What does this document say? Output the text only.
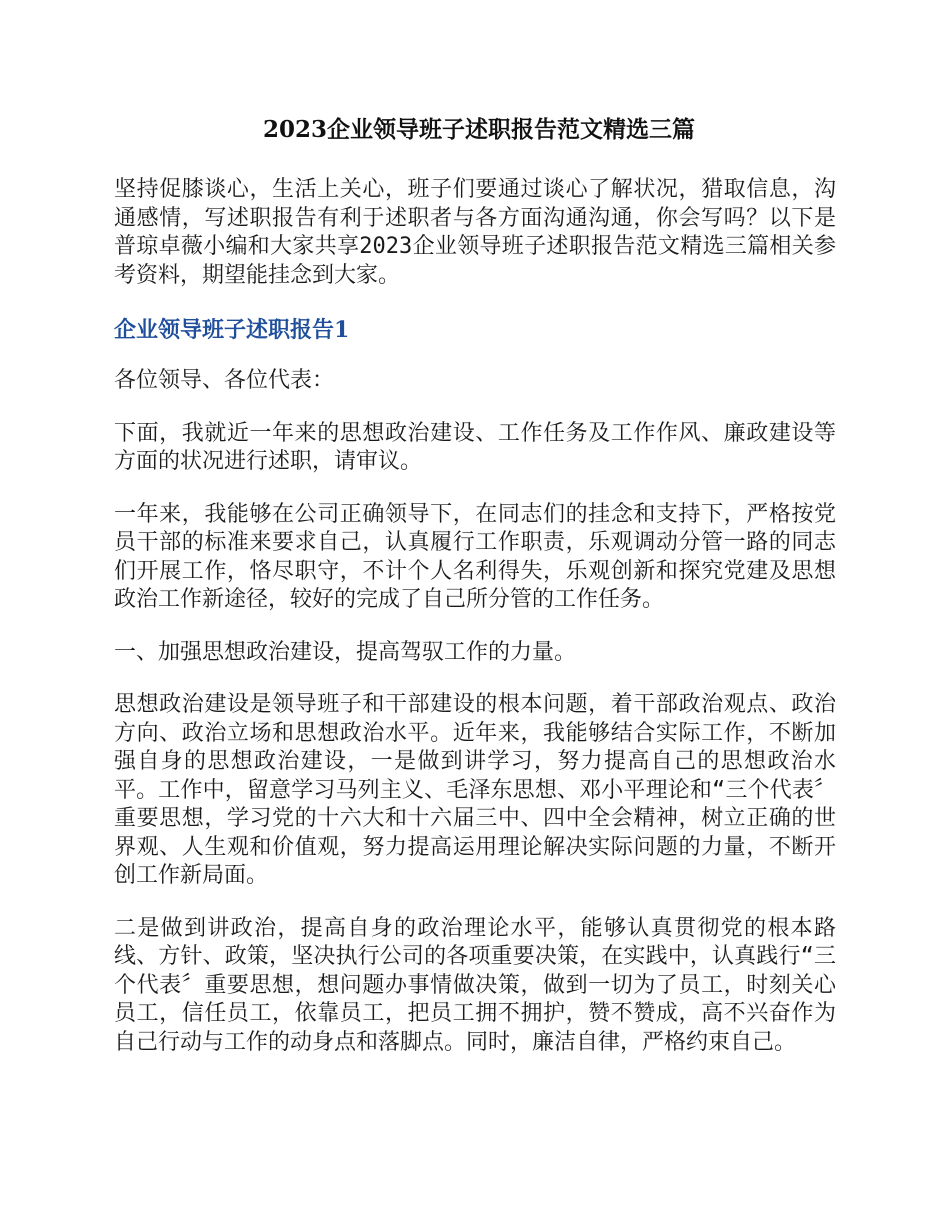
2023企业领导班子述职报告范文精选三篇

坚持促膝谈心，生活上关心，班子们要通过谈心了解状况，猎取信息，沟通感情，写述职报告有利于述职者与各方面沟通沟通，你会写吗？以下是普琼卓薇小编和大家共享2023企业领导班子述职报告范文精选三篇相关参考资料，期望能挂念到大家。

企业领导班子述职报告1

各位领导、各位代表：

下面，我就近一年来的思想政治建设、工作任务及工作作风、廉政建设等方面的状况进行述职，请审议。

一年来，我能够在公司正确领导下，在同志们的挂念和支持下，严格按党员干部的标准来要求自己，认真履行工作职责，乐观调动分管一路的同志们开展工作，恪尽职守，不计个人名利得失，乐观创新和探究党建及思想政治工作新途径，较好的完成了自己所分管的工作任务。

一、加强思想政治建设，提高驾驭工作的力量。

思想政治建设是领导班子和干部建设的根本问题，着干部政治观点、政治方向、政治立场和思想政治水平。近年来，我能够结合实际工作，不断加强自身的思想政治建设，一是做到讲学习，努力提高自己的思想政治水平。工作中，留意学习马列主义、毛泽东思想、邓小平理论和“三个代表〞重要思想，学习党的十六大和十六届三中、四中全会精神，树立正确的世界观、人生观和价值观，努力提高运用理论解决实际问题的力量，不断开创工作新局面。

二是做到讲政治，提高自身的政治理论水平，能够认真贯彻党的根本路线、方针、政策，坚决执行公司的各项重要决策，在实践中，认真践行“三个代表〞重要思想，想问题办事情做决策，做到一切为了员工，时刻关心员工，信任员工，依靠员工，把员工拥不拥护，赞不赞成，高不兴奋作为自己行动与工作的动身点和落脚点。同时，廉洁自律，严格约束自己。
